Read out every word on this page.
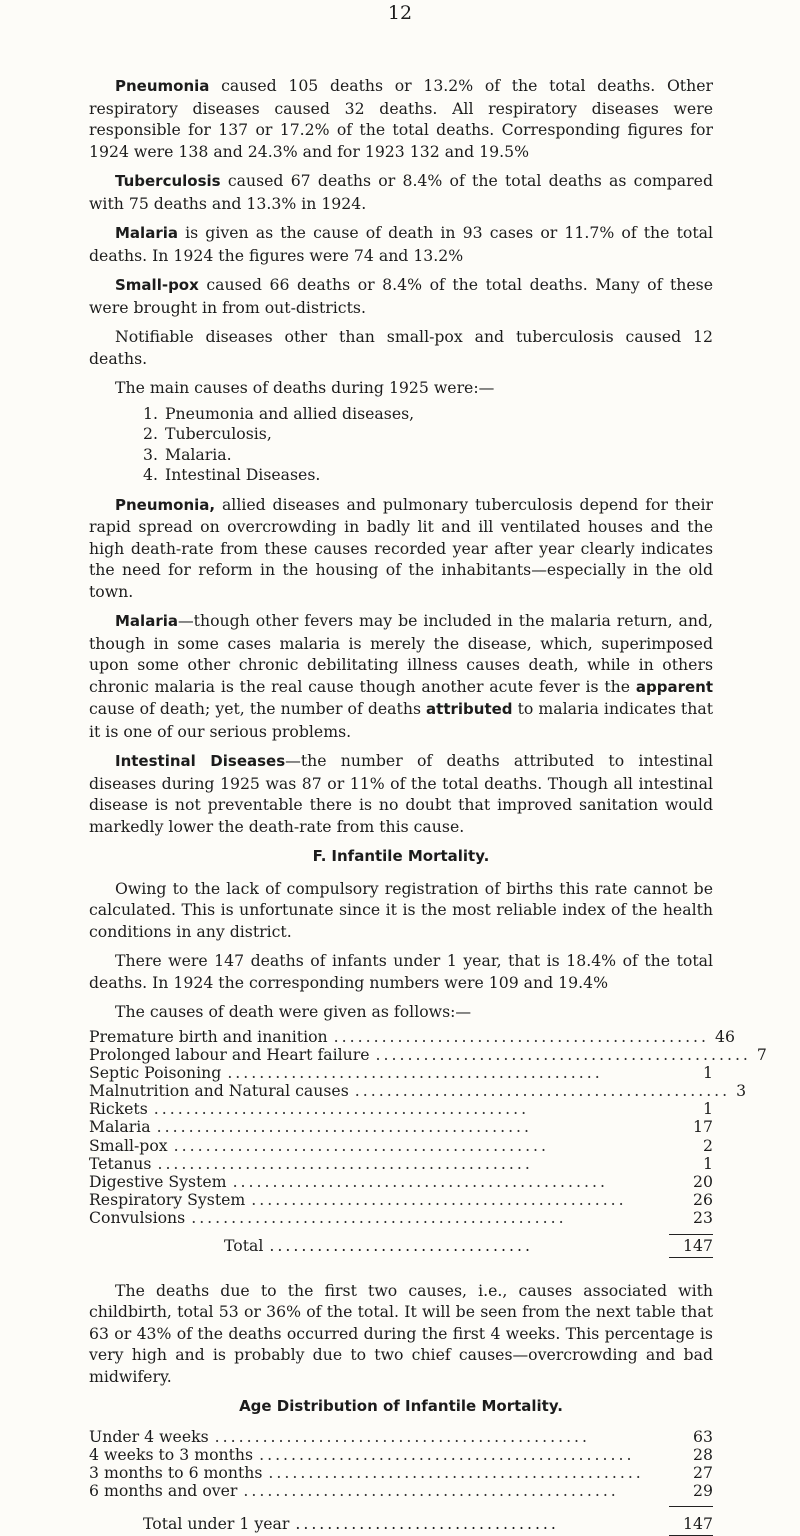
12

Pneumonia caused 105 deaths or 13.2% of the total deaths. Other respiratory diseases caused 32 deaths. All respiratory diseases were responsible for 137 or 17.2% of the total deaths. Corresponding figures for 1924 were 138 and 24.3% and for 1923 132 and 19.5%

Tuberculosis caused 67 deaths or 8.4% of the total deaths as compared with 75 deaths and 13.3% in 1924.

Malaria is given as the cause of death in 93 cases or 11.7% of the total deaths. In 1924 the figures were 74 and 13.2%

Small-pox caused 66 deaths or 8.4% of the total deaths. Many of these were brought in from out-districts.

Notifiable diseases other than small-pox and tuberculosis caused 12 deaths.

The main causes of deaths during 1925 were:—

1. Pneumonia and allied diseases,
2. Tuberculosis,
3. Malaria.
4. Intestinal Diseases.

Pneumonia, allied diseases and pulmonary tuberculosis depend for their rapid spread on overcrowding in badly lit and ill ventilated houses and the high death-rate from these causes recorded year after year clearly indicates the need for reform in the housing of the inhabitants—especially in the old town.

Malaria—though other fevers may be included in the malaria return, and, though in some cases malaria is merely the disease, which, superimposed upon some other chronic debilitating illness causes death, while in others chronic malaria is the real cause though another acute fever is the apparent cause of death; yet, the number of deaths attributed to malaria indicates that it is one of our serious problems.

Intestinal Diseases—the number of deaths attributed to intestinal diseases during 1925 was 87 or 11% of the total deaths. Though all intestinal disease is not preventable there is no doubt that improved sanitation would markedly lower the death-rate from this cause.

F. Infantile Mortality.

Owing to the lack of compulsory registration of births this rate cannot be calculated. This is unfortunate since it is the most reliable index of the health conditions in any district.

There were 147 deaths of infants under 1 year, that is 18.4% of the total deaths. In 1924 the corresponding numbers were 109 and 19.4%

The causes of death were given as follows:—

Premature birth and inanition ............................................... 46
Prolonged labour and Heart failure ............................................... 7
Septic Poisoning ...............................................	1
Malnutrition and Natural causes ............................................... 3
Rickets ...............................................	1
Malaria ...............................................	17
Small-pox ...............................................	2
Tetanus ...............................................	1
Digestive System ...............................................	20
Respiratory System ...............................................	26
Convulsions ...............................................	23
Total .................................	147

The deaths due to the first two causes, i.e., causes associated with childbirth, total 53 or 36% of the total. It will be seen from the next table that 63 or 43% of the deaths occurred during the first 4 weeks. This percentage is very high and is probably due to two chief causes—overcrowding and bad midwifery.

Age Distribution of Infantile Mortality.
Under 4 weeks ...............................................	63
4 weeks to 3 months ...............................................	28
3 months to 6 months ...............................................	27
6 months and over ...............................................	29
Total under 1 year .................................	147
